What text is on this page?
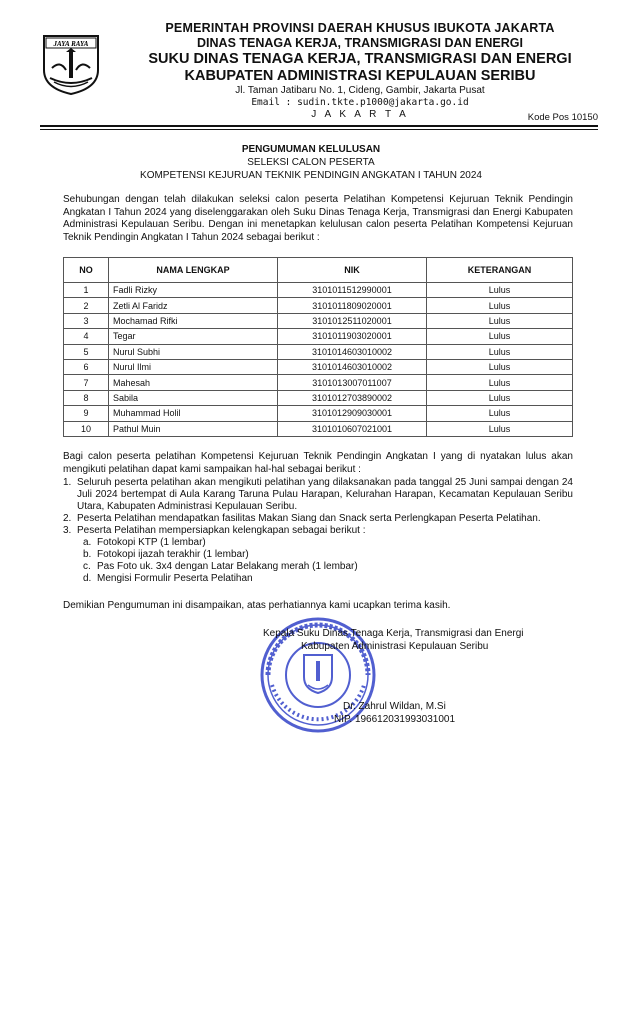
JAYA RAYA
PEMERINTAH PROVINSI DAERAH KHUSUS IBUKOTA JAKARTA
DINAS TENAGA KERJA, TRANSMIGRASI DAN ENERGI
SUKU DINAS TENAGA KERJA, TRANSMIGRASI DAN ENERGI
KABUPATEN ADMINISTRASI KEPULAUAN SERIBU
Jl. Taman Jatibaru No. 1, Cideng, Gambir, Jakarta Pusat
Email : sudin.tkte.p1000@jakarta.go.id
J A K A R T A	Kode Pos 10150
PENGUMUMAN KELULUSAN
SELEKSI CALON PESERTA
KOMPETENSI KEJURUAN TEKNIK PENDINGIN ANGKATAN I TAHUN 2024
Sehubungan dengan telah dilakukan seleksi calon peserta Pelatihan Kompetensi Kejuruan Teknik Pendingin Angkatan I Tahun 2024 yang diselenggarakan oleh Suku Dinas Tenaga Kerja, Transmigrasi dan Energi Kabupaten Administrasi Kepulauan Seribu. Dengan ini menetapkan kelulusan calon peserta Pelatihan Kompetensi Kejuruan Teknik Pendingin Angkatan I Tahun 2024 sebagai berikut :
NO	NAMA LENGKAP	NIK	KETERANGAN
1	Fadli Rizky	3101011512990001	Lulus
2	Zetli Al Faridz	3101011809020001	Lulus
3	Mochamad Rifki	3101012511020001	Lulus
4	Tegar	3101011903020001	Lulus
5	Nurul Subhi	3101014603010002	Lulus
6	Nurul Ilmi	3101014603010002	Lulus
7	Mahesah	3101013007011007	Lulus
8	Sabila	3101012703890002	Lulus
9	Muhammad Holil	3101012909030001	Lulus
10	Pathul Muin	3101010607021001	Lulus
Bagi calon peserta pelatihan Kompetensi Kejuruan Teknik Pendingin Angkatan I yang di nyatakan lulus akan mengikuti pelatihan dapat kami sampaikan hal-hal sebagai berikut :
1. Seluruh peserta pelatihan akan mengikuti pelatihan yang dilaksanakan pada tanggal 25 Juni sampai dengan 24 Juli 2024 bertempat di Aula Karang Taruna Pulau Harapan, Kelurahan Harapan, Kecamatan Kepulauan Seribu Utara, Kabupaten Administrasi Kepulauan Seribu.
2. Peserta Pelatihan mendapatkan fasilitas Makan Siang dan Snack serta Perlengkapan Peserta Pelatihan.
3. Peserta Pelatihan mempersiapkan kelengkapan sebagai berikut :
a. Fotokopi KTP (1 lembar)
b. Fotokopi ijazah terakhir (1 lembar)
c. Pas Foto uk. 3x4 dengan Latar Belakang merah (1 lembar)
d. Mengisi Formulir Peserta Pelatihan
Demikian Pengumuman ini disampaikan, atas perhatiannya kami ucapkan terima kasih.
Kepala Suku Dinas Tenaga Kerja, Transmigrasi dan Energi
Kabupaten Administrasi Kepulauan Seribu
Dr. Zahrul Wildan, M.Si
NIP. 196612031993031001
